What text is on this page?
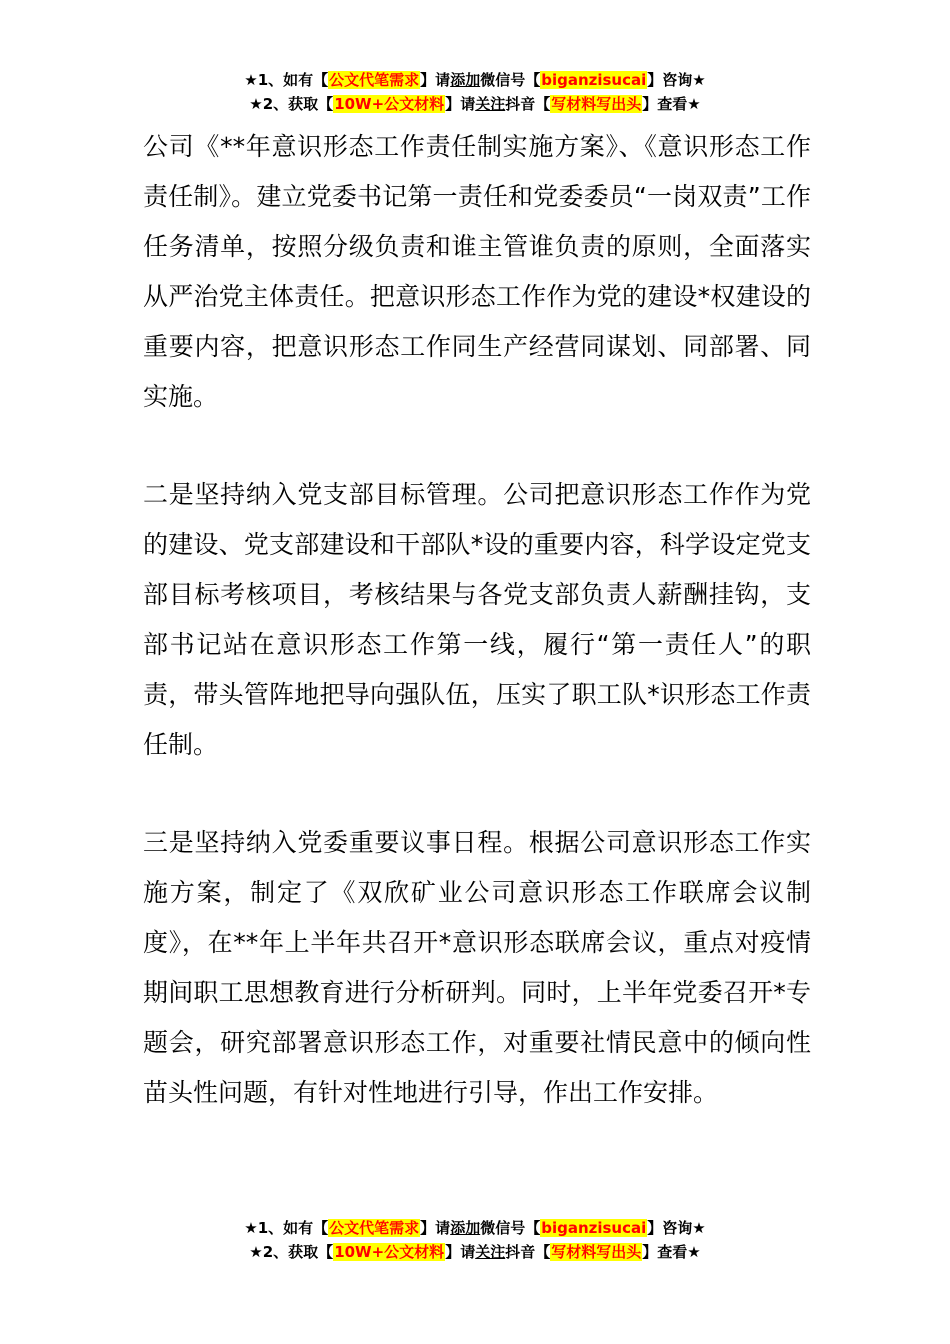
★1、如有【公文代笔需求】请添加微信号【biganzisucai】咨询★
★2、获取【10W+公文材料】请关注抖音【写材料写出头】查看★

公司《**年意识形态工作责任制实施方案》、《意识形态工作责任制》。建立党委书记第一责任和党委委员“一岗双责”工作任务清单，按照分级负责和谁主管谁负责的原则，全面落实从严治党主体责任。把意识形态工作作为党的建设*权建设的重要内容，把意识形态工作同生产经营同谋划、同部署、同实施。

二是坚持纳入党支部目标管理。公司把意识形态工作作为党的建设、党支部建设和干部队*设的重要内容，科学设定党支部目标考核项目，考核结果与各党支部负责人薪酬挂钩，支部书记站在意识形态工作第一线，履行“第一责任人”的职责，带头管阵地把导向强队伍，压实了职工队*识形态工作责任制。

三是坚持纳入党委重要议事日程。根据公司意识形态工作实施方案，制定了《双欣矿业公司意识形态工作联席会议制度》，在**年上半年共召开*意识形态联席会议，重点对疫情期间职工思想教育进行分析研判。同时，上半年党委召开*专题会，研究部署意识形态工作，对重要社情民意中的倾向性苗头性问题，有针对性地进行引导，作出工作安排。

★1、如有【公文代笔需求】请添加微信号【biganzisucai】咨询★
★2、获取【10W+公文材料】请关注抖音【写材料写出头】查看★
